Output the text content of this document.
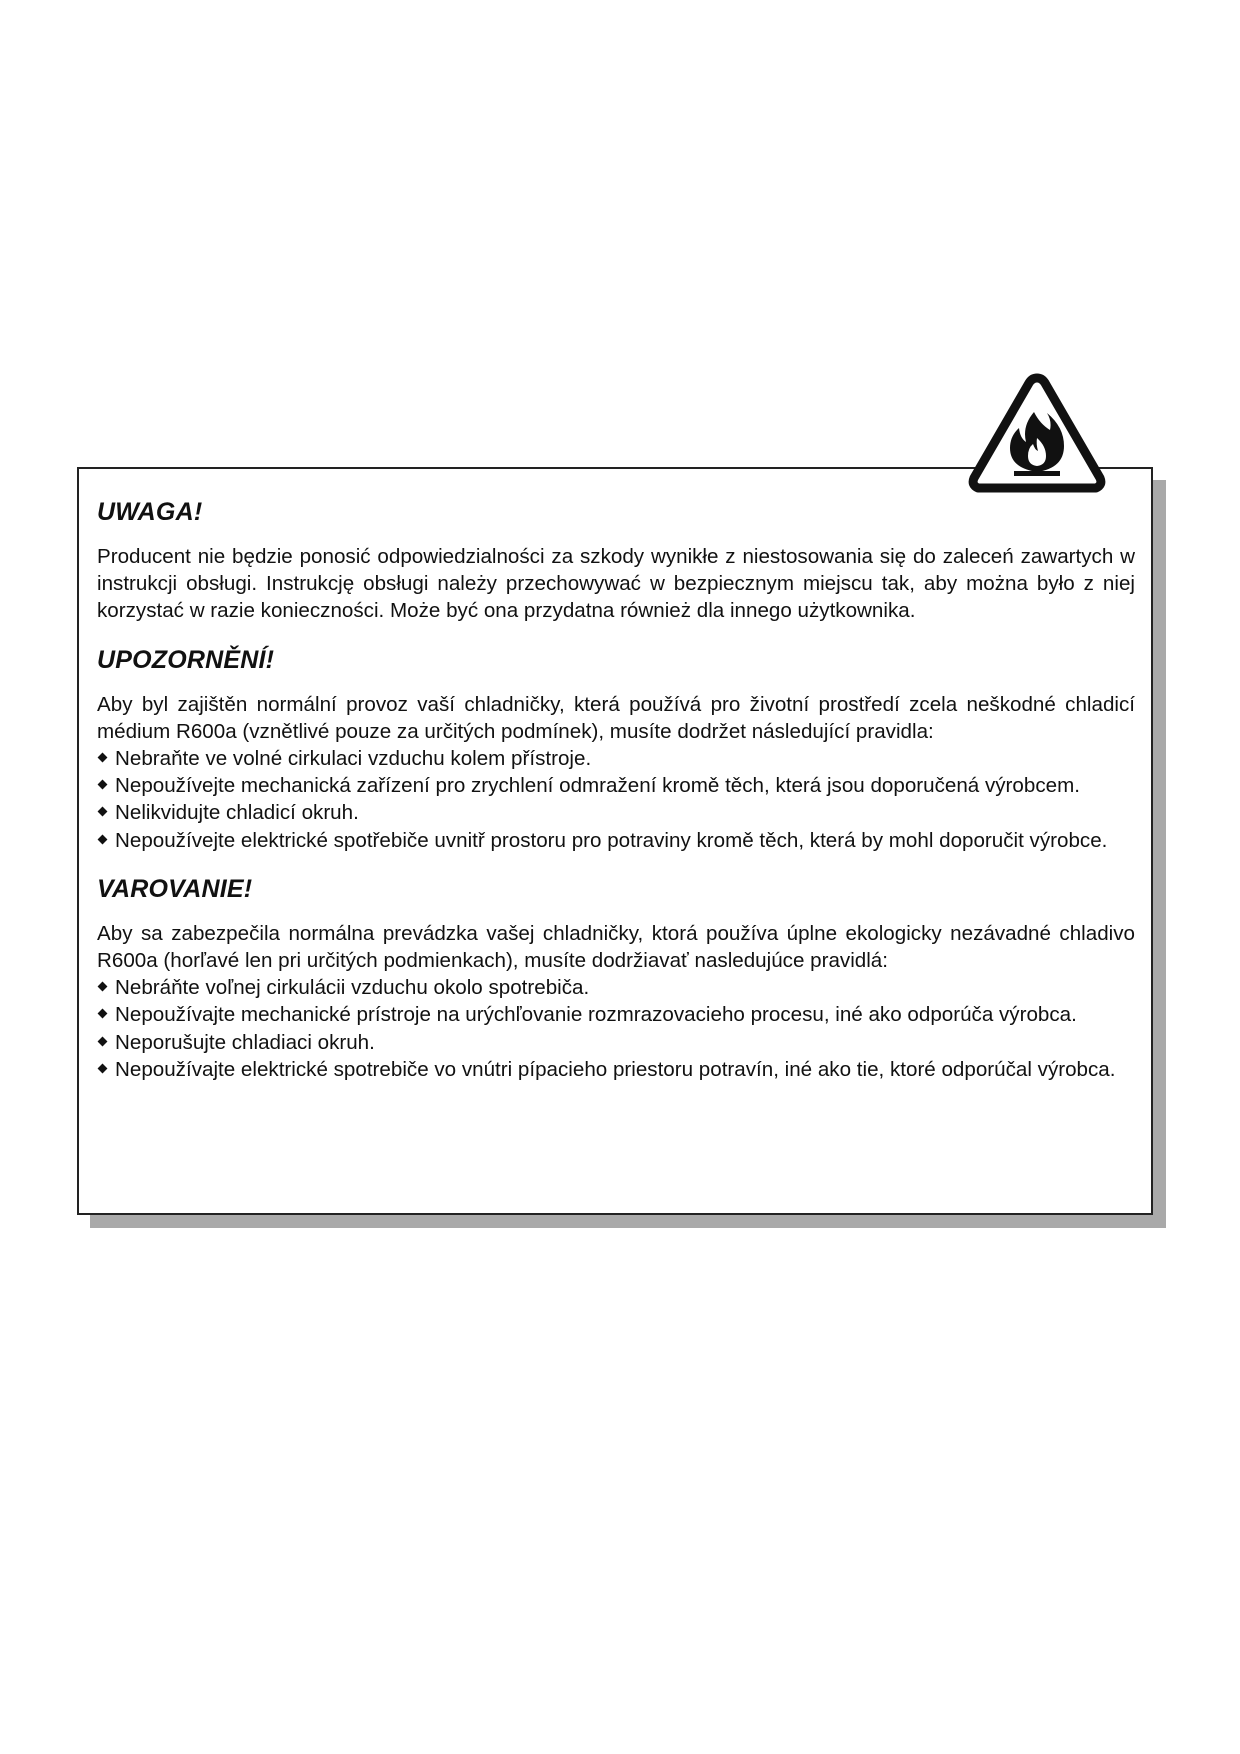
UWAGA!

Producent nie będzie ponosić odpowiedzialności za szkody wynikłe z niestosowania się do zaleceń zawartych w instrukcji obsługi. Instrukcję obsługi należy przechowywać w bezpiecznym miejscu tak, aby można było z niej korzystać w razie konieczności. Może być ona przydatna również dla innego użytkownika.

UPOZORNĚNÍ!

Aby byl zajištěn normální provoz vaší chladničky, která používá pro životní prostředí zcela neškodné chladicí médium R600a (vznětlivé pouze za určitých podmínek), musíte dodržet následující pravidla:

Nebraňte ve volné cirkulaci vzduchu kolem přístroje.
Nepoužívejte mechanická zařízení pro zrychlení odmražení kromě těch, která jsou doporučená výrobcem.
Nelikvidujte chladicí okruh.
Nepoužívejte elektrické spotřebiče uvnitř prostoru pro potraviny kromě těch, která by mohl doporučit výrobce.
VAROVANIE!

Aby sa zabezpečila normálna prevádzka vašej chladničky, ktorá používa úplne ekologicky nezávadné chladivo R600a (horľavé len pri určitých podmienkach), musíte dodržiavať nasledujúce pravidlá:

Nebráňte voľnej cirkulácii vzduchu okolo spotrebiča.
Nepoužívajte mechanické prístroje na urýchľovanie rozmrazovacieho procesu, iné ako odporúča výrobca.
Neporušujte chladiaci okruh.
Nepoužívajte elektrické spotrebiče vo vnútri pípacieho priestoru potravín, iné ako tie, ktoré odporúčal výrobca.
